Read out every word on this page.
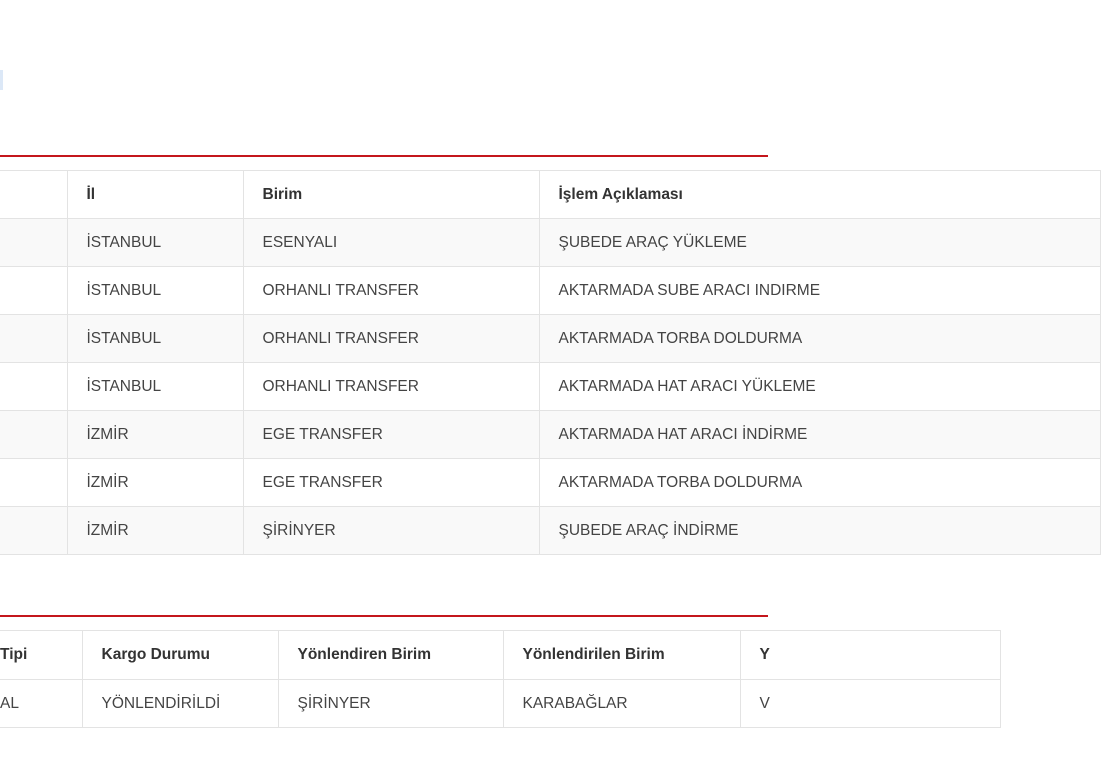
	İl	Birim	İşlem Açıklaması
	İSTANBUL	ESENYALI	ŞUBEDE ARAÇ YÜKLEME
	İSTANBUL	ORHANLI TRANSFER	AKTARMADA SUBE ARACI INDIRME
	İSTANBUL	ORHANLI TRANSFER	AKTARMADA TORBA DOLDURMA
	İSTANBUL	ORHANLI TRANSFER	AKTARMADA HAT ARACI YÜKLEME
	İZMİR	EGE TRANSFER	AKTARMADA HAT ARACI İNDİRME
	İZMİR	EGE TRANSFER	AKTARMADA TORBA DOLDURMA
	İZMİR	ŞİRİNYER	ŞUBEDE ARAÇ İNDİRME
Tipi	Kargo Durumu	Yönlendiren Birim	Yönlendirilen Birim	Y
AL	YÖNLENDİRİLDİ	ŞİRİNYER	KARABAĞLAR	V
